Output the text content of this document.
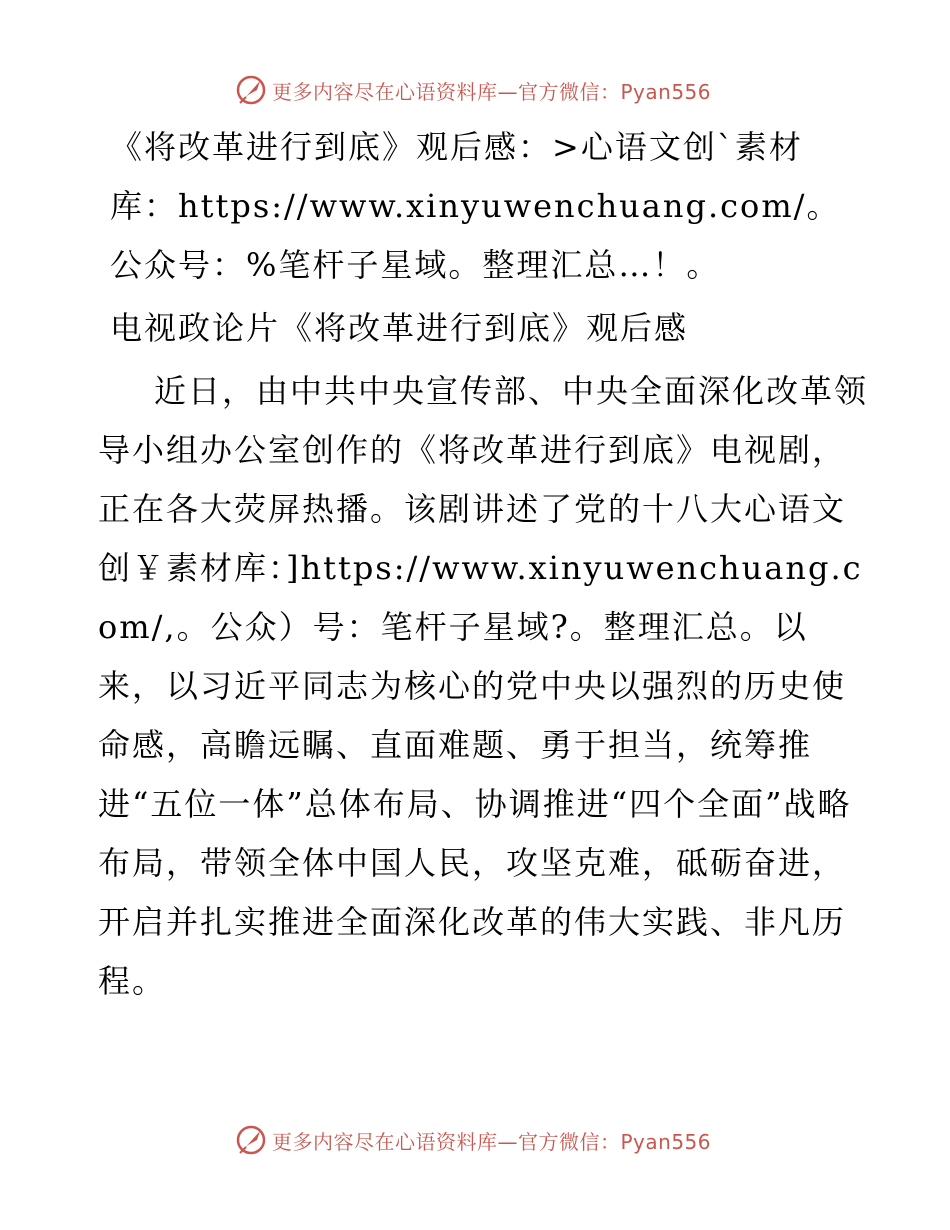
更多内容尽在心语资料库—官方微信：Pyan556

《将改革进行到底》观后感：>心语文创`素材库：https://www.xinyuwenchuang.com/。公众号：%笔杆子星域。整理汇总…！。

电视政论片《将改革进行到底》观后感

近日，由中共中央宣传部、中央全面深化改革领导小组办公室创作的《将改革进行到底》电视剧，正在各大荧屏热播。该剧讲述了党的十八大心语文创￥素材库：]https://www.xinyuwenchuang.com/,。公众）号：笔杆子星域?。整理汇总。以来，以习近平同志为核心的党中央以强烈的历史使命感，高瞻远瞩、直面难题、勇于担当，统筹推进“五位一体”总体布局、协调推进“四个全面”战略布局，带领全体中国人民，攻坚克难，砥砺奋进，开启并扎实推进全面深化改革的伟大实践、非凡历程。

更多内容尽在心语资料库—官方微信：Pyan556
